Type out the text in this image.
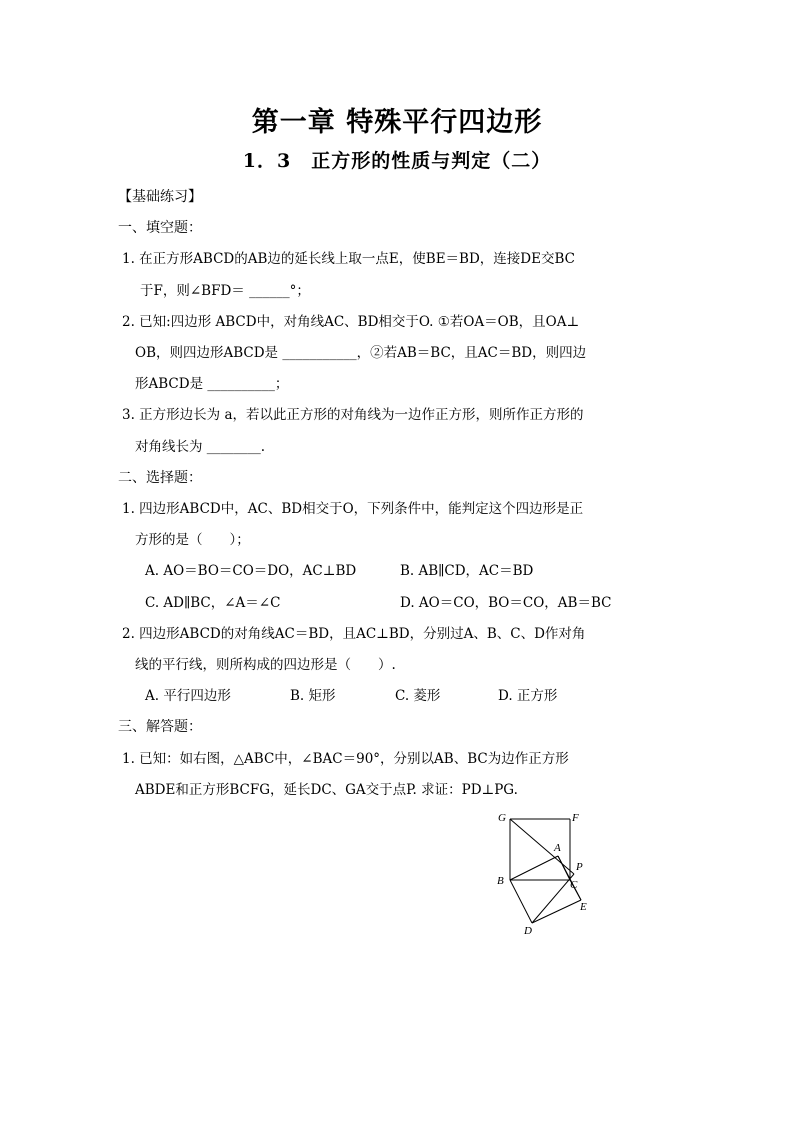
第一章 特殊平行四边形
1．3　正方形的性质与判定（二）
【基础练习】
一、填空题：
1. 在正方形ABCD的AB边的延长线上取一点E，使BE＝BD，连接DE交BC
于F，则∠BFD＝ ______°；
2. 已知:四边形 ABCD中，对角线AC、BD相交于O. ①若OA＝OB，且OA⊥
OB，则四边形ABCD是 ___________，②若AB＝BC，且AC＝BD，则四边
形ABCD是 __________；
3. 正方形边长为 a，若以此正方形的对角线为一边作正方形，则所作正方形的
对角线长为 ________.
二、选择题：
1. 四边形ABCD中，AC、BD相交于O，下列条件中，能判定这个四边形是正
方形的是（　　）；
A. AO＝BO＝CO＝DO，AC⊥BD	B. AB∥CD，AC＝BD
C. AD∥BC，∠A＝∠C	D. AO＝CO，BO＝CO，AB＝BC
2. 四边形ABCD的对角线AC＝BD，且AC⊥BD，分别过A、B、C、D作对角
线的平行线，则所构成的四边形是（　　）.
A. 平行四边形	B. 矩形	C. 菱形	D. 正方形
三、解答题：
1. 已知：如右图，△ABC中，∠BAC＝90°，分别以AB、BC为边作正方形
ABDE和正方形BCFG，延长DC、GA交于点P. 求证：PD⊥PG.
G	F
A
P
B	C
E
D
